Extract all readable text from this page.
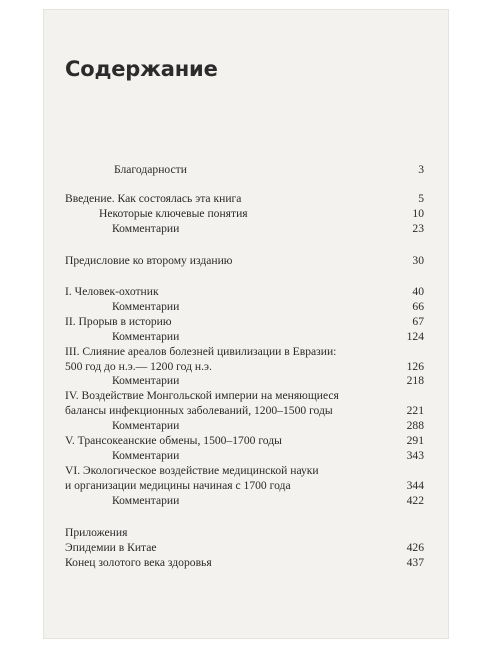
Содержание
Благодарности	3
Введение. Как состоялась эта книга	5
Некоторые ключевые понятия	10
Комментарии	23
Предисловие ко второму изданию	30
I. Человек-охотник	40
Комментарии	66
II. Прорыв в историю	67
Комментарии	124
III. Слияние ареалов болезней цивилизации в Евразии:
500 год до н.э.— 1200 год н.э.	126
Комментарии	218
IV. Воздействие Монгольской империи на меняющиеся
балансы инфекционных заболеваний, 1200–1500 годы	221
Комментарии	288
V. Трансокеанские обмены, 1500–1700 годы	291
Комментарии	343
VI. Экологическое воздействие медицинской науки
и организации медицины начиная с 1700 года	344
Комментарии	422
Приложения
Эпидемии в Китае	426
Конец золотого века здоровья	437
